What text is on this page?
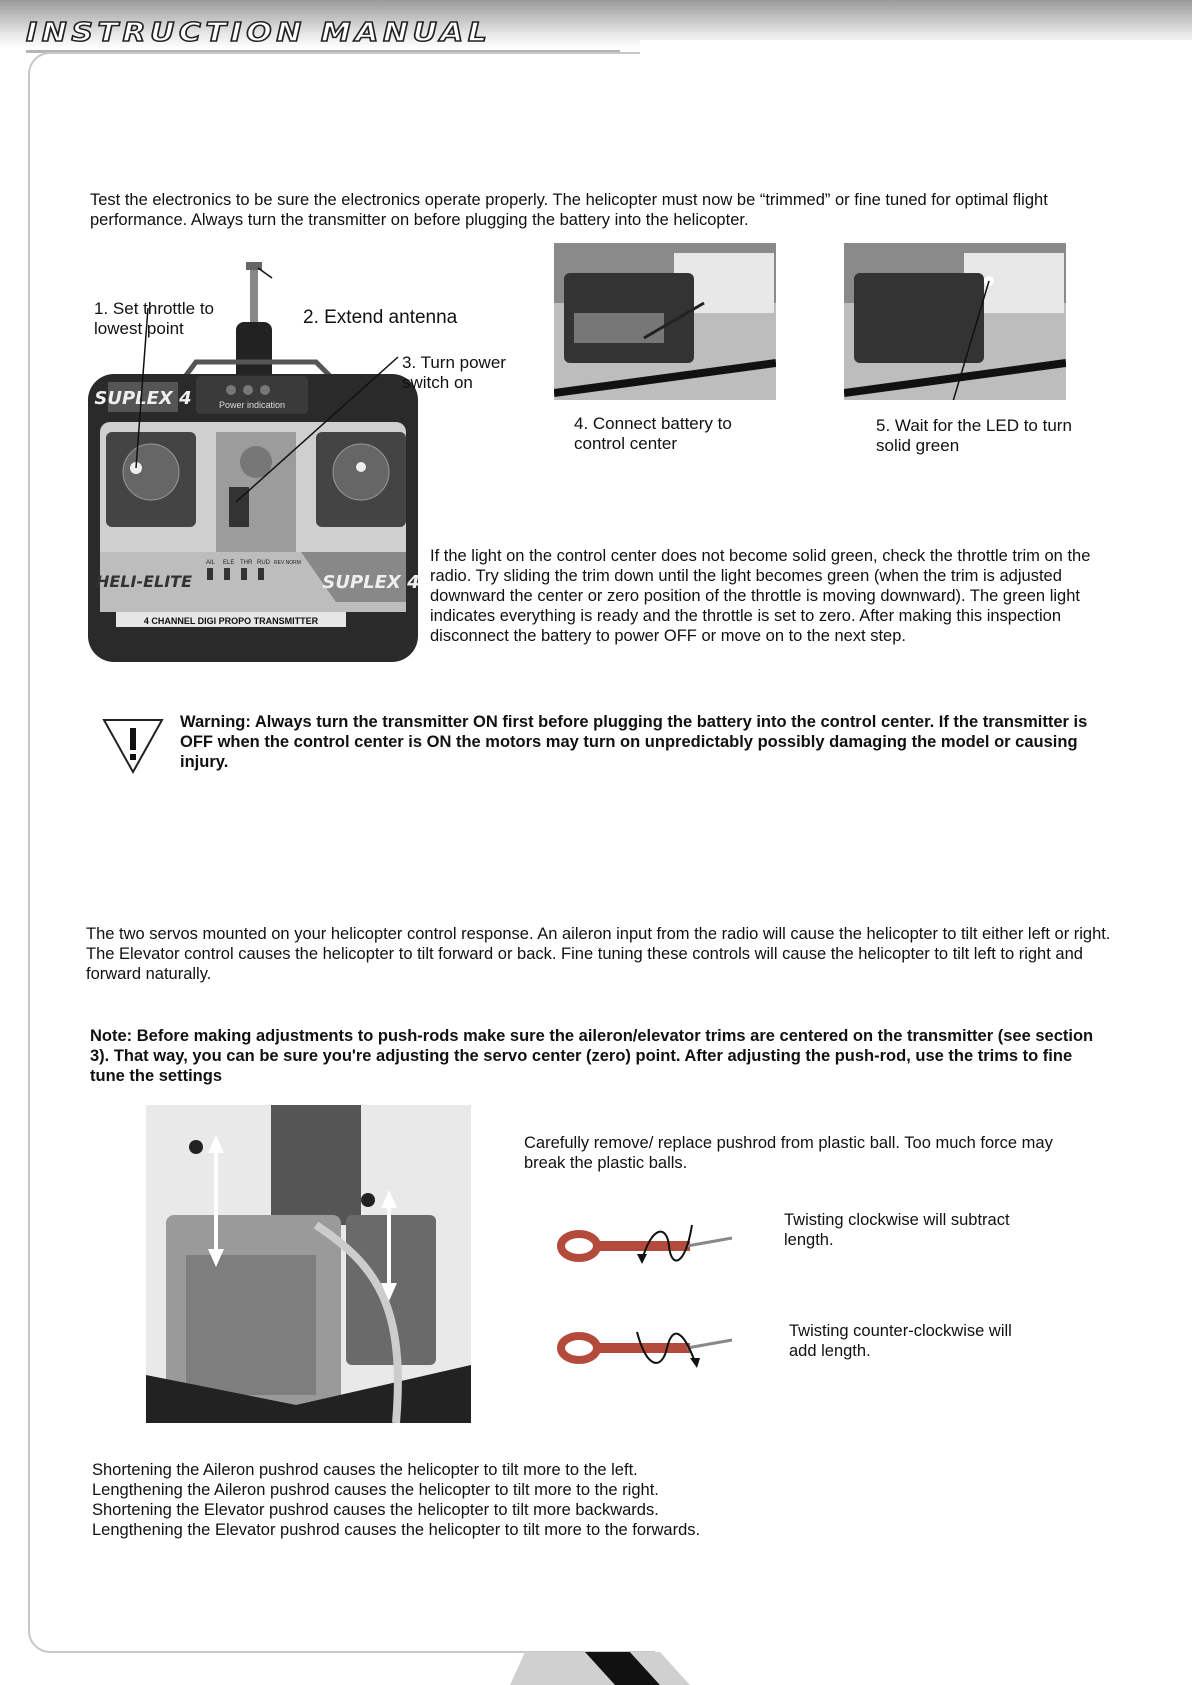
INSTRUCTION MANUAL

Test the electronics to be sure the electronics operate properly. The helicopter must now be “trimmed” or fine tuned for optimal flight performance. Always turn the transmitter on before plugging the battery into the helicopter.

Power indication
SUPLEX 4
HELI-ELITE
AIL ELE THR RUD REV NORM
SUPLEX 4
4 CHANNEL DIGI PROPO TRANSMITTER

1. Set throttle to lowest point

2. Extend antenna

3. Turn power switch on

4. Connect battery to control center

5. Wait for the LED to turn solid green

If the light on the control center does not become solid green, check the throttle trim on the radio. Try sliding the trim down until the light becomes green (when the trim is adjusted downward the center or zero position of the throttle is moving downward). The green light indicates everything is ready and the throttle is set to zero. After making this inspection disconnect the battery to power OFF or move on to the next step.

Warning: Always turn the transmitter ON first before plugging the battery into the control center. If the transmitter is OFF when the control center is ON the motors may turn on unpredictably possibly damaging the model or causing injury.

The two servos mounted on your helicopter control response. An aileron input from the radio will cause the helicopter to tilt either left or right. The Elevator control causes the helicopter to tilt forward or back. Fine tuning these controls will cause the helicopter to tilt left to right and forward naturally.

Note: Before making adjustments to push-rods make sure the aileron/elevator trims are centered on the transmitter (see section 3). That way, you can be sure you're adjusting the servo center (zero) point. After adjusting the push-rod, use the trims to fine tune the settings

Carefully remove/ replace pushrod from plastic ball. Too much force may break the plastic balls.

Twisting clockwise will subtract length.

Twisting counter-clockwise will add length.

Shortening the Aileron pushrod causes the helicopter to tilt more to the left.

Lengthening the Aileron pushrod causes the helicopter to tilt more to the right.

Shortening the Elevator pushrod causes the helicopter to tilt more backwards.

Lengthening the Elevator pushrod causes the helicopter to tilt more to the forwards.
